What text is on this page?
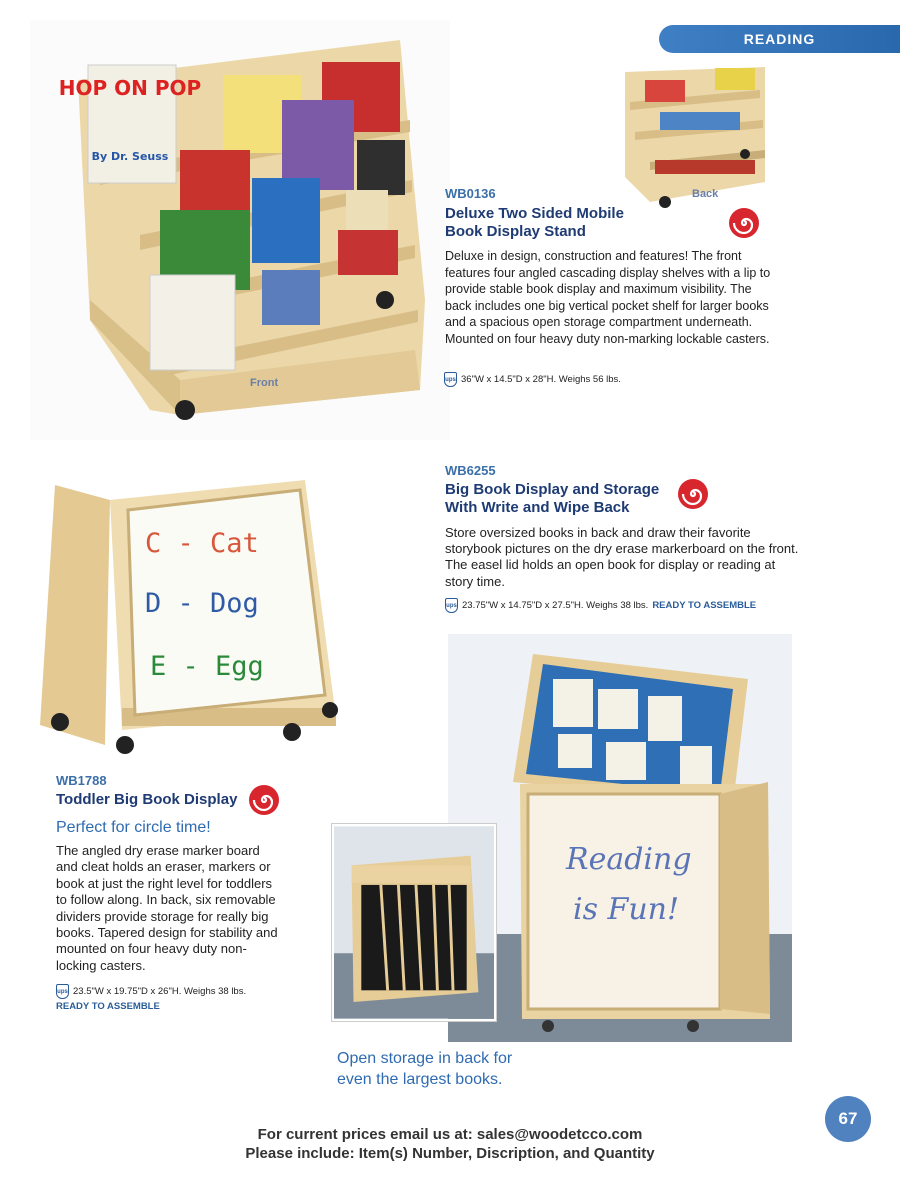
READING
HOP ON POP
By Dr. Seuss
Front
Back
WB0136
Deluxe Two Sided Mobile
Book Display Stand
Deluxe in design, construction and features! The front features four angled cascading display shelves with a lip to provide stable book display and maximum visibility. The back includes one big vertical pocket shelf for larger books and a spacious open storage compartment underneath. Mounted on four heavy duty non-marking lockable casters.
ups 36"W x 14.5"D x 28"H. Weighs 56 lbs.
WB6255
Big Book Display and Storage
With Write and Wipe Back
Store oversized books in back and draw their favorite storybook pictures on the dry erase markerboard on the front. The easel lid holds an open book for display or reading at story time.
ups 23.75"W x 14.75"D x 27.5"H. Weighs 38 lbs. READY TO ASSEMBLE
C - Cat
D - Dog
E - Egg
WB1788
Toddler Big Book Display
Perfect for circle time!
The angled dry erase marker board and cleat holds an eraser, markers or book at just the right level for toddlers to follow along. In back, six removable dividers provide storage for really big books. Tapered design for stability and mounted on four heavy duty non-locking casters.
ups 23.5"W x 19.75"D x 26"H. Weighs 38 lbs.
READY TO ASSEMBLE
Reading
is Fun!
Open storage in back for
even the largest books.
67
For current prices email us at: sales@woodetcco.com
Please include: Item(s) Number, Discription, and Quantity
